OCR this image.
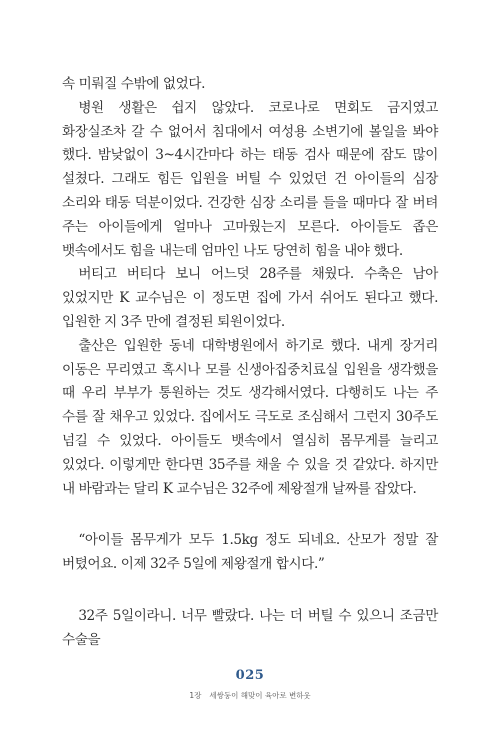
속 미뤄질 수밖에 없었다.

병원 생활은 쉽지 않았다. 코로나로 면회도 금지였고 화장실조차 갈 수 없어서 침대에서 여성용 소변기에 볼일을 봐야 했다. 밤낮없이 3~4시간마다 하는 태동 검사 때문에 잠도 많이 설쳤다. 그래도 힘든 입원을 버틸 수 있었던 건 아이들의 심장 소리와 태동 덕분이었다. 건강한 심장 소리를 들을 때마다 잘 버텨 주는 아이들에게 얼마나 고마웠는지 모른다. 아이들도 좁은 뱃속에서도 힘을 내는데 엄마인 나도 당연히 힘을 내야 했다.

버티고 버티다 보니 어느덧 28주를 채웠다. 수축은 남아 있었지만 K 교수님은 이 정도면 집에 가서 쉬어도 된다고 했다. 입원한 지 3주 만에 결정된 퇴원이었다.

출산은 입원한 동네 대학병원에서 하기로 했다. 내게 장거리 이동은 무리였고 혹시나 모를 신생아집중치료실 입원을 생각했을 때 우리 부부가 통원하는 것도 생각해서였다. 다행히도 나는 주 수를 잘 채우고 있었다. 집에서도 극도로 조심해서 그런지 30주도 넘길 수 있었다. 아이들도 뱃속에서 열심히 몸무게를 늘리고 있었다. 이렇게만 한다면 35주를 채울 수 있을 것 같았다. 하지만 내 바람과는 달리 K 교수님은 32주에 제왕절개 날짜를 잡았다.

“아이들 몸무게가 모두 1.5kg 정도 되네요. 산모가 정말 잘 버텼어요. 이제 32주 5일에 제왕절개 합시다.”

32주 5일이라니. 너무 빨랐다. 나는 더 버틸 수 있으니 조금만 수술을

025
1장 세쌍둥이 해맞이 육아로 변하웃
